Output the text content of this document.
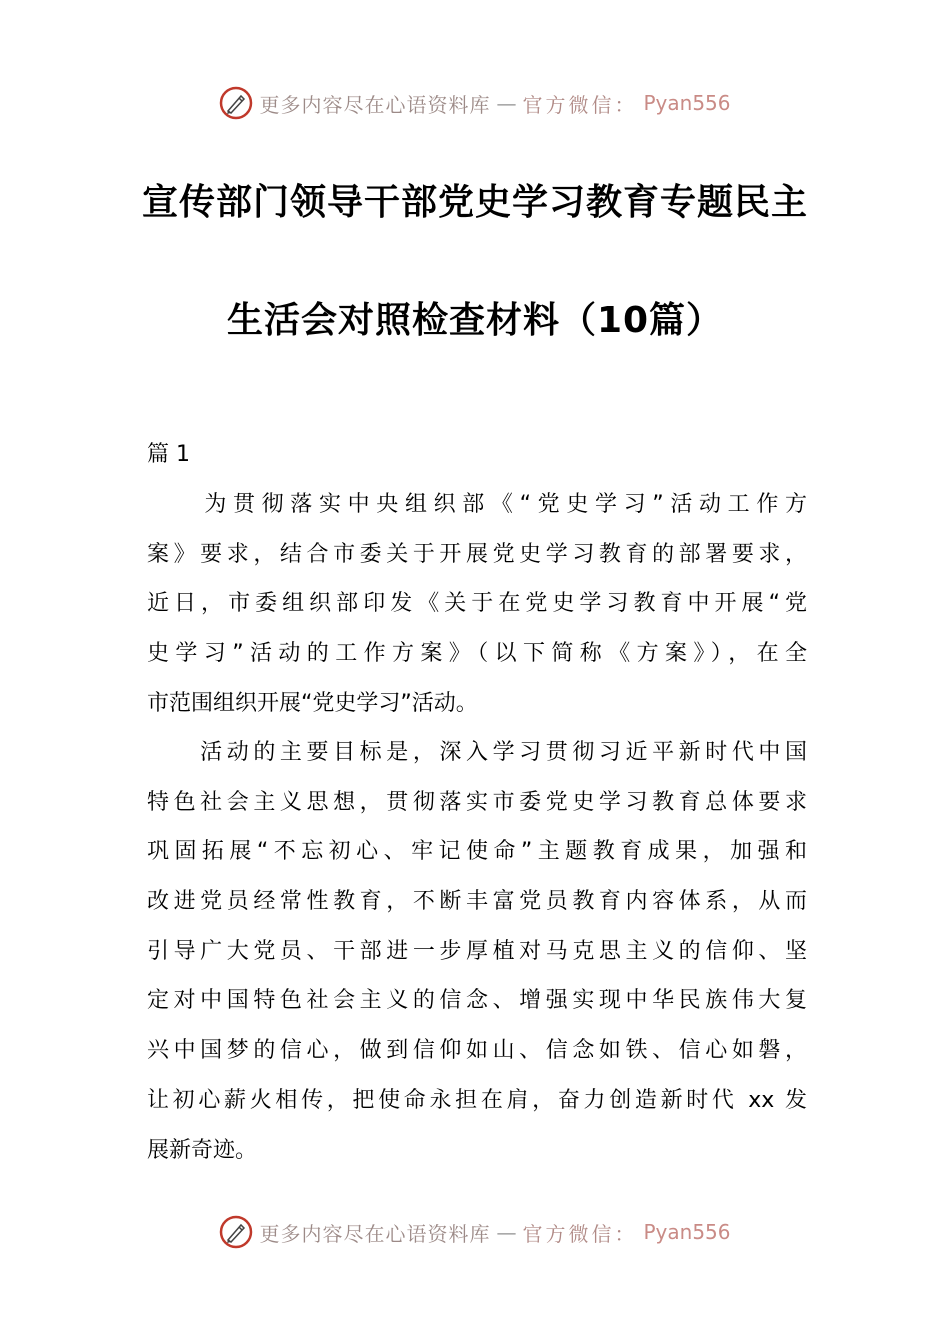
更多内容尽在心语资料库 — 官方微信： Pyan556
宣传部门领导干部党史学习教育专题民主
生活会对照检查材料（10篇）
篇 1
　　为贯彻落实中央组织部《“党史学习”活动工作方
案》要求，结合市委关于开展党史学习教育的部署要求，
近日，市委组织部印发《关于在党史学习教育中开展“党
史学习”活动的工作方案》（以下简称《方案》），在全
市范围组织开展“党史学习”活动。
　　活动的主要目标是，深入学习贯彻习近平新时代中国
特色社会主义思想，贯彻落实市委党史学习教育总体要求
巩固拓展“不忘初心、牢记使命”主题教育成果，加强和
改进党员经常性教育，不断丰富党员教育内容体系，从而
引导广大党员、干部进一步厚植对马克思主义的信仰、坚
定对中国特色社会主义的信念、增强实现中华民族伟大复
兴中国梦的信心，做到信仰如山、信念如铁、信心如磐，
让初心薪火相传，把使命永担在肩，奋力创造新时代 xx 发
展新奇迹。
更多内容尽在心语资料库 — 官方微信： Pyan556
